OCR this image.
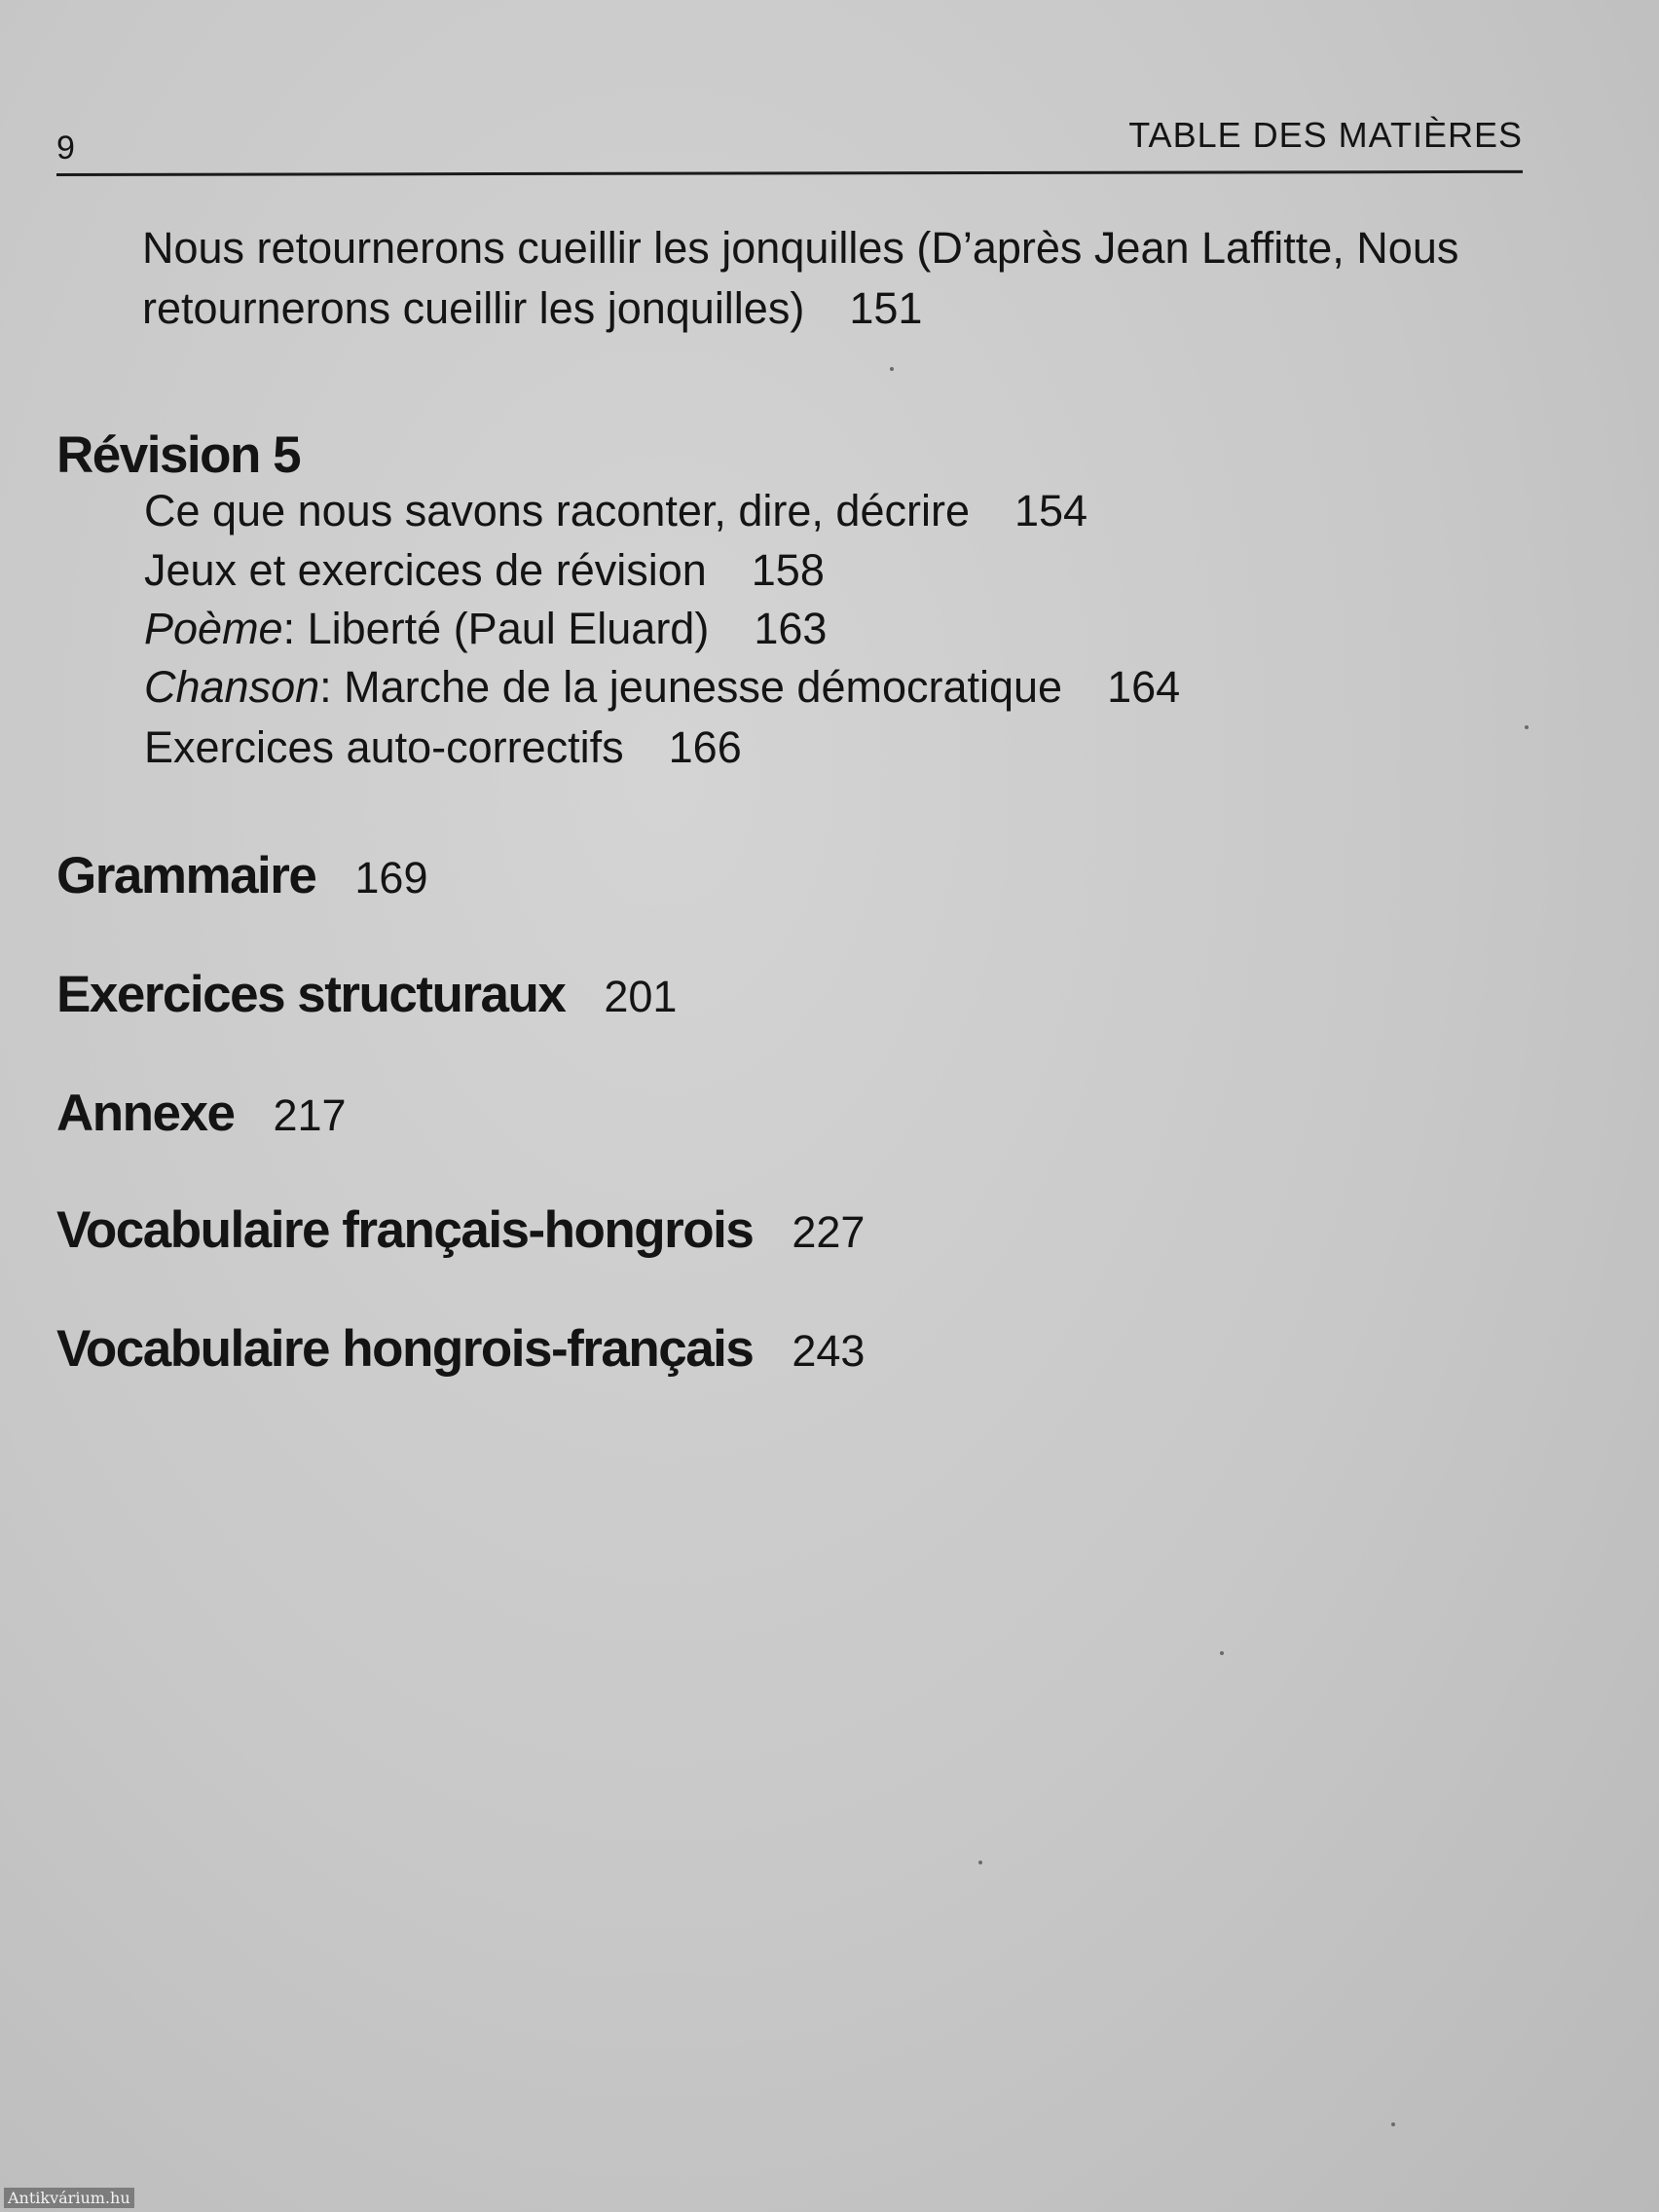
9	TABLE DES MATIÈRES
Nous retournerons cueillir les jonquilles (D’après Jean Laffitte, Nous
retournerons cueillir les jonquilles) 151
Révision 5
Ce que nous savons raconter, dire, décrire 154
Jeux et exercices de révision 158
Poème: Liberté (Paul Eluard) 163
Chanson: Marche de la jeunesse démocratique 164
Exercices auto-correctifs 166
Grammaire 169
Exercices structuraux 201
Annexe 217
Vocabulaire français-hongrois 227
Vocabulaire hongrois-français 243
Antikvárium.hu
